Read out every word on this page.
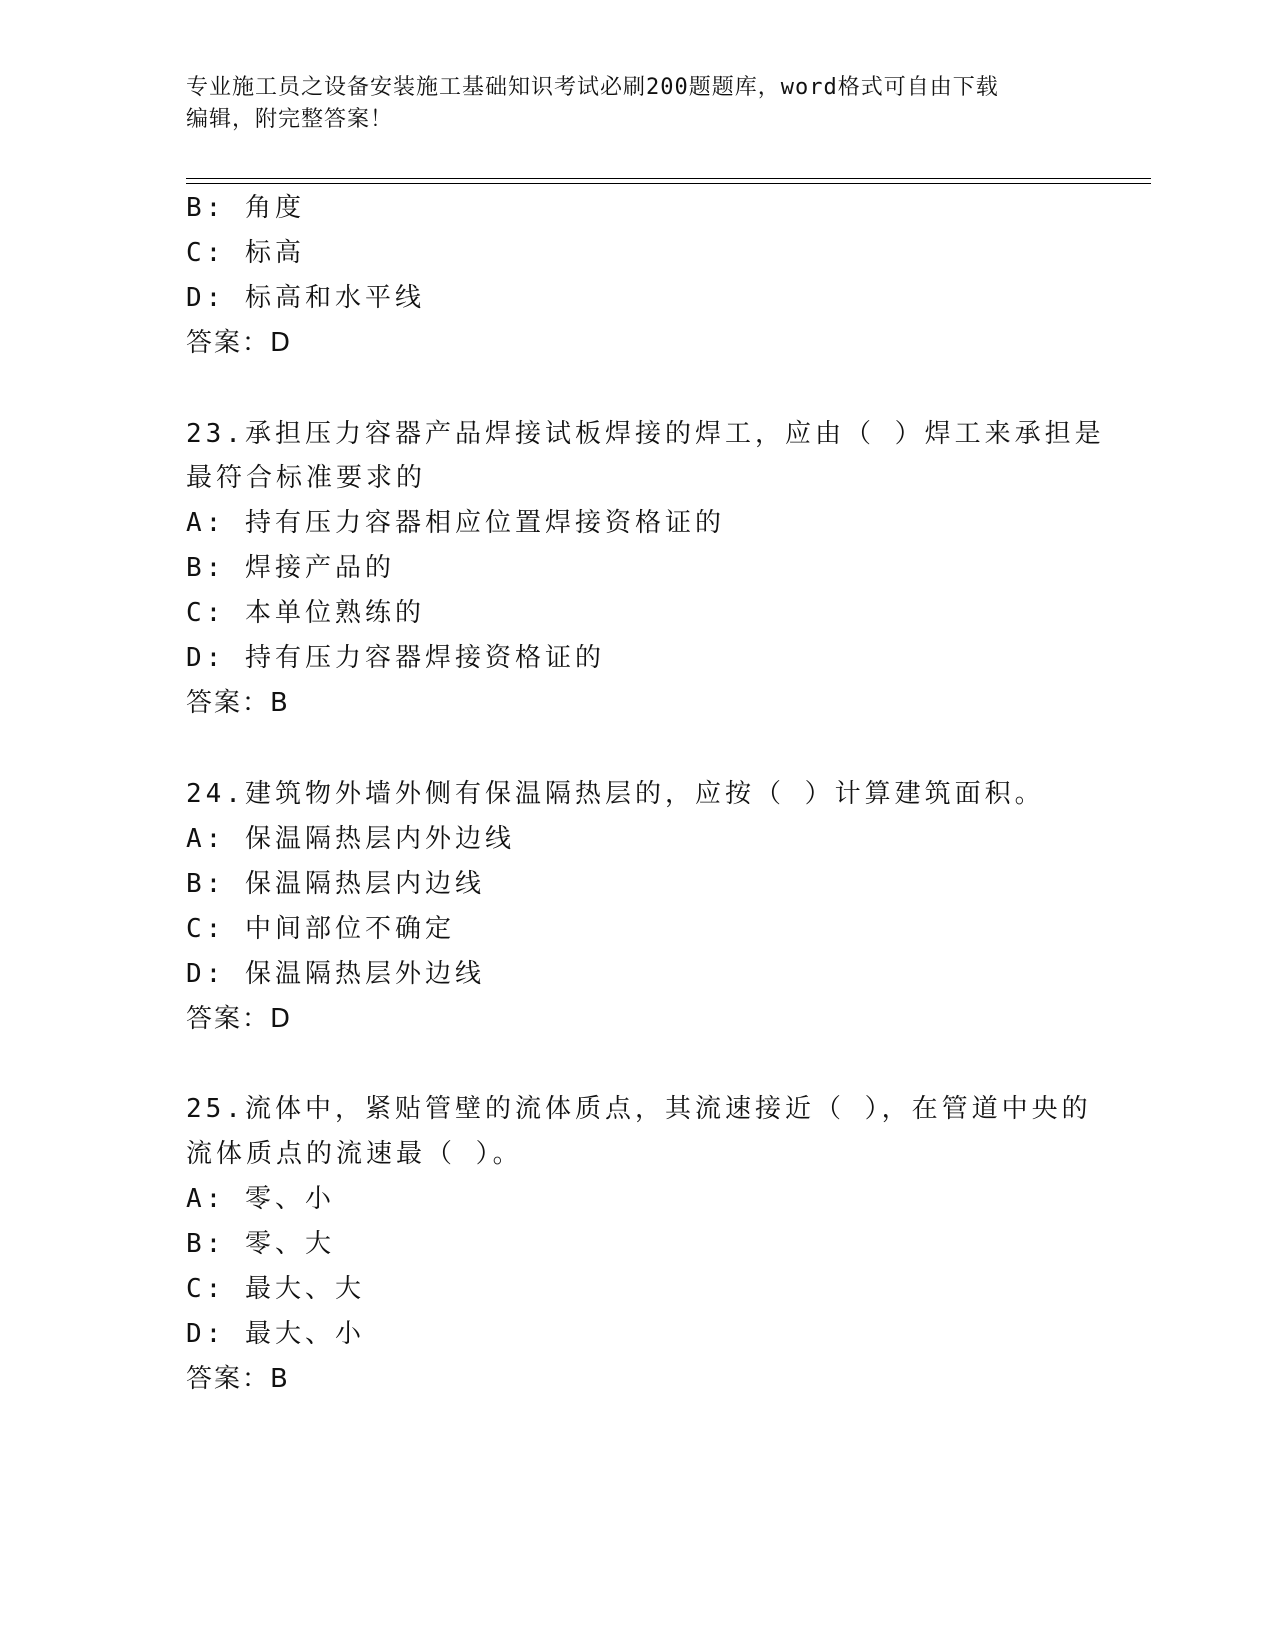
专业施工员之设备安装施工基础知识考试必刷200题题库，word格式可自由下载
编辑，附完整答案！
B: 角度
C: 标高
D: 标高和水平线
答案：D
23.承担压力容器产品焊接试板焊接的焊工，应由（ ）焊工来承担是
最符合标准要求的
A: 持有压力容器相应位置焊接资格证的
B: 焊接产品的
C: 本单位熟练的
D: 持有压力容器焊接资格证的
答案：B
24.建筑物外墙外侧有保温隔热层的，应按（ ）计算建筑面积。
A: 保温隔热层内外边线
B: 保温隔热层内边线
C: 中间部位不确定
D: 保温隔热层外边线
答案：D
25.流体中，紧贴管壁的流体质点，其流速接近（ ），在管道中央的
流体质点的流速最（ ）。
A: 零、小
B: 零、大
C: 最大、大
D: 最大、小
答案：B
